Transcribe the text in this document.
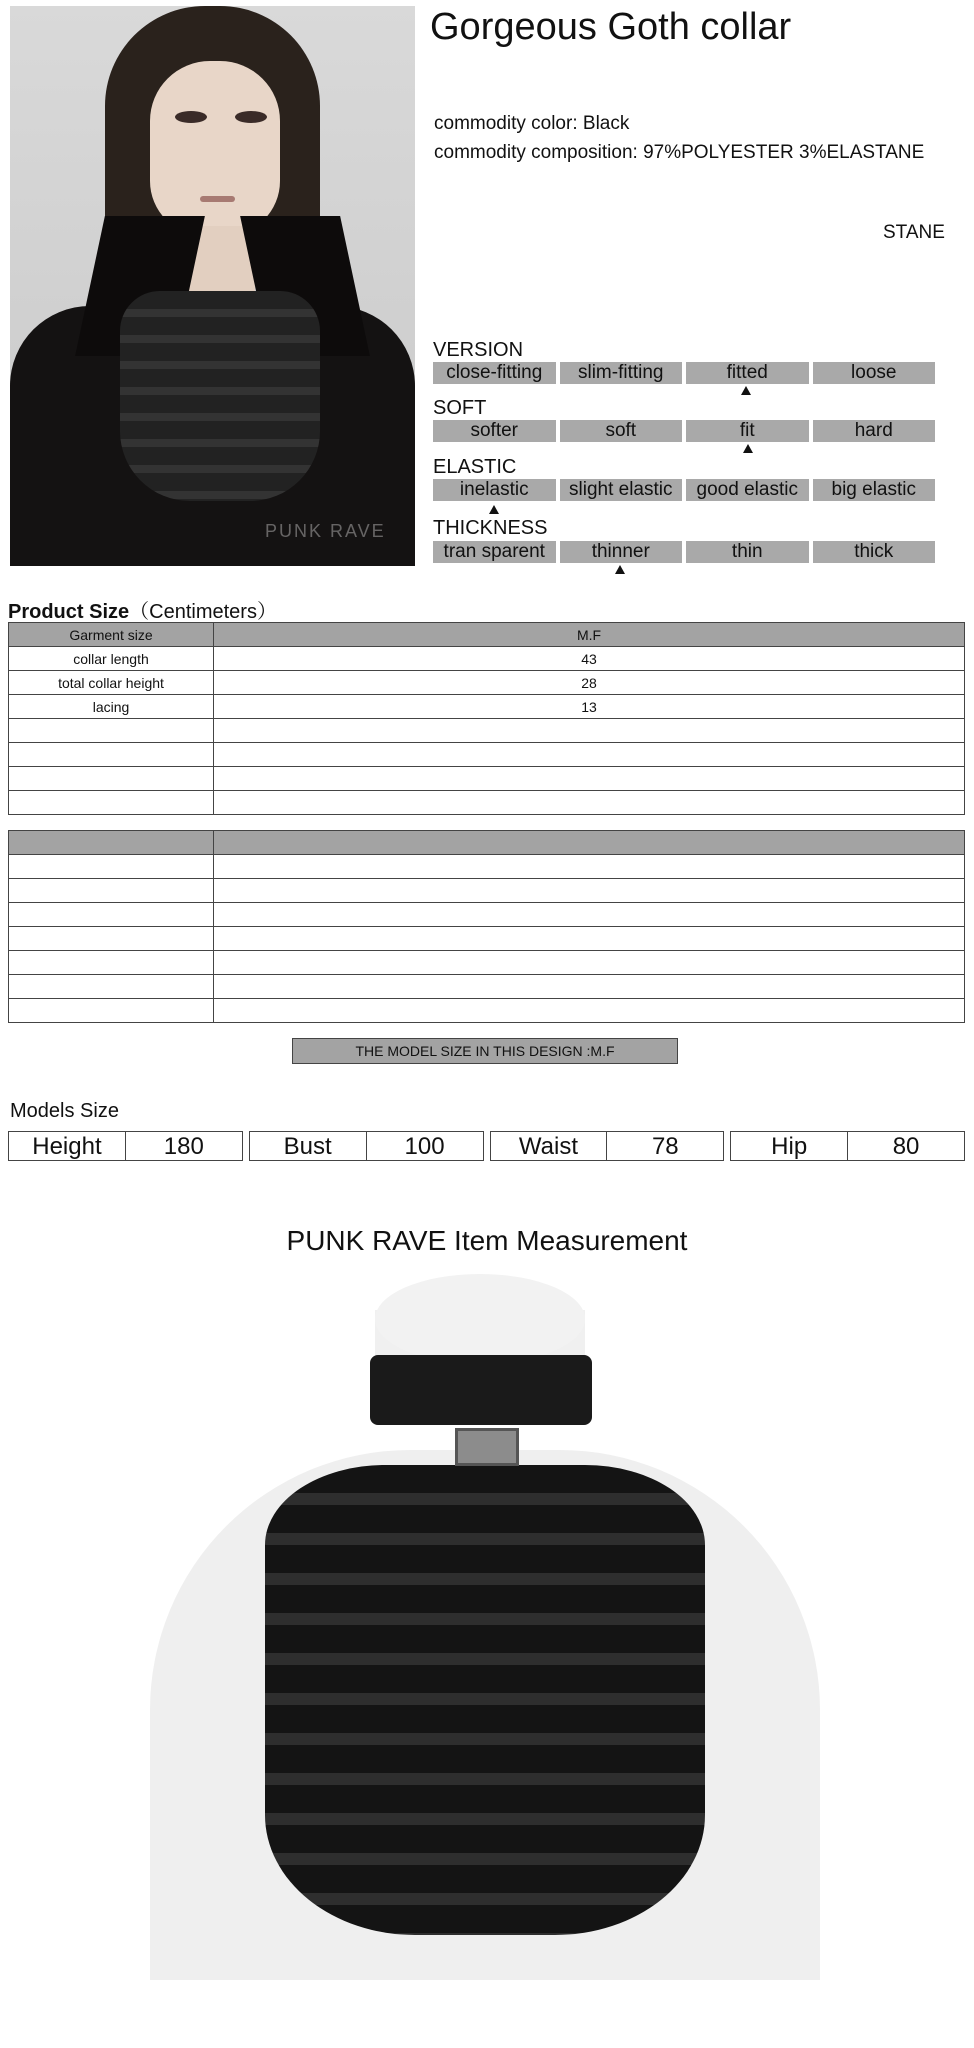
PUNK RAVE
Gorgeous Goth collar
commodity color: Black
commodity composition: 97%POLYESTER 3%ELASTANE
STANE
VERSION
close-fitting	slim-fitting	fitted	loose
SOFT
softer	soft	fit	hard
ELASTIC
inelastic	slight elastic	good elastic	big elastic
THICKNESS
tran sparent	thinner	thin	thick
Product Size（Centimeters）
Garment size	M.F
collar length	43
total collar height	28
lacing	13

THE MODEL SIZE IN THIS DESIGN :M.F
Models Size
Height	180	Bust	100	Waist	78	Hip	80
PUNK RAVE Item Measurement
